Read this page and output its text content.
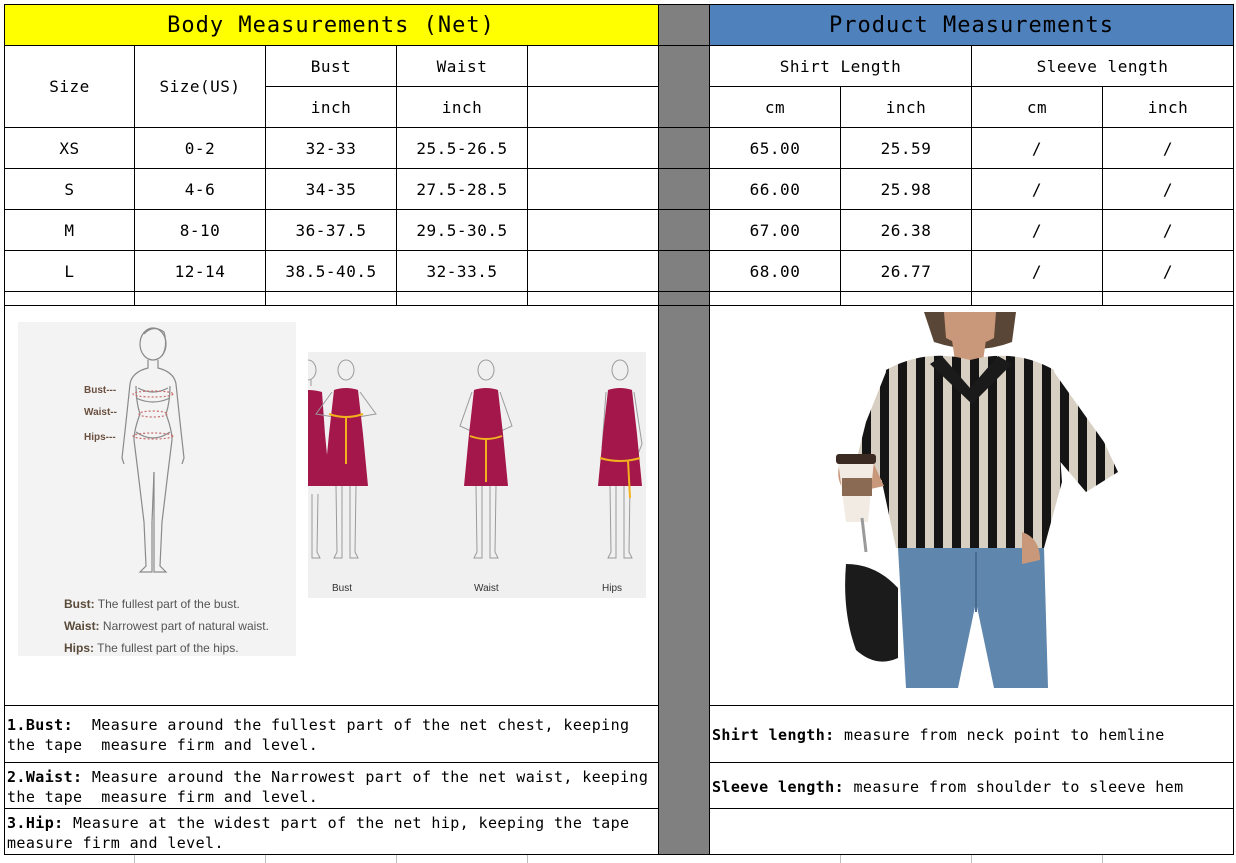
Body Measurements (Net)	Product Measurements
Size	Size(US)
Bust	Waist
inch	inch
XS	0-2	32-33	25.5-26.5
S	4-6	34-35	27.5-28.5
M	8-10	36-37.5	29.5-30.5
L	12-14	38.5-40.5	32-33.5
Shirt Length	Sleeve length
cm	inch	cm	inch
65.00	25.59	/	/
66.00	25.98	/	/
67.00	26.38	/	/
68.00	26.77	/	/
Bust---
Waist--
Hips---
Bust: The fullest part of the bust.
Waist: Narrowest part of natural waist.
Hips: The fullest part of the hips.
Bust	Waist	Hips
1.Bust:  Measure around the fullest part of the net chest, keeping the tape  measure firm and level.
2.Waist: Measure around the Narrowest part of the net waist, keeping the tape  measure firm and level.
3.Hip: Measure at the widest part of the net hip, keeping the tape measure firm and level.
Shirt length: measure from neck point to hemline
Sleeve length: measure from shoulder to sleeve hem
